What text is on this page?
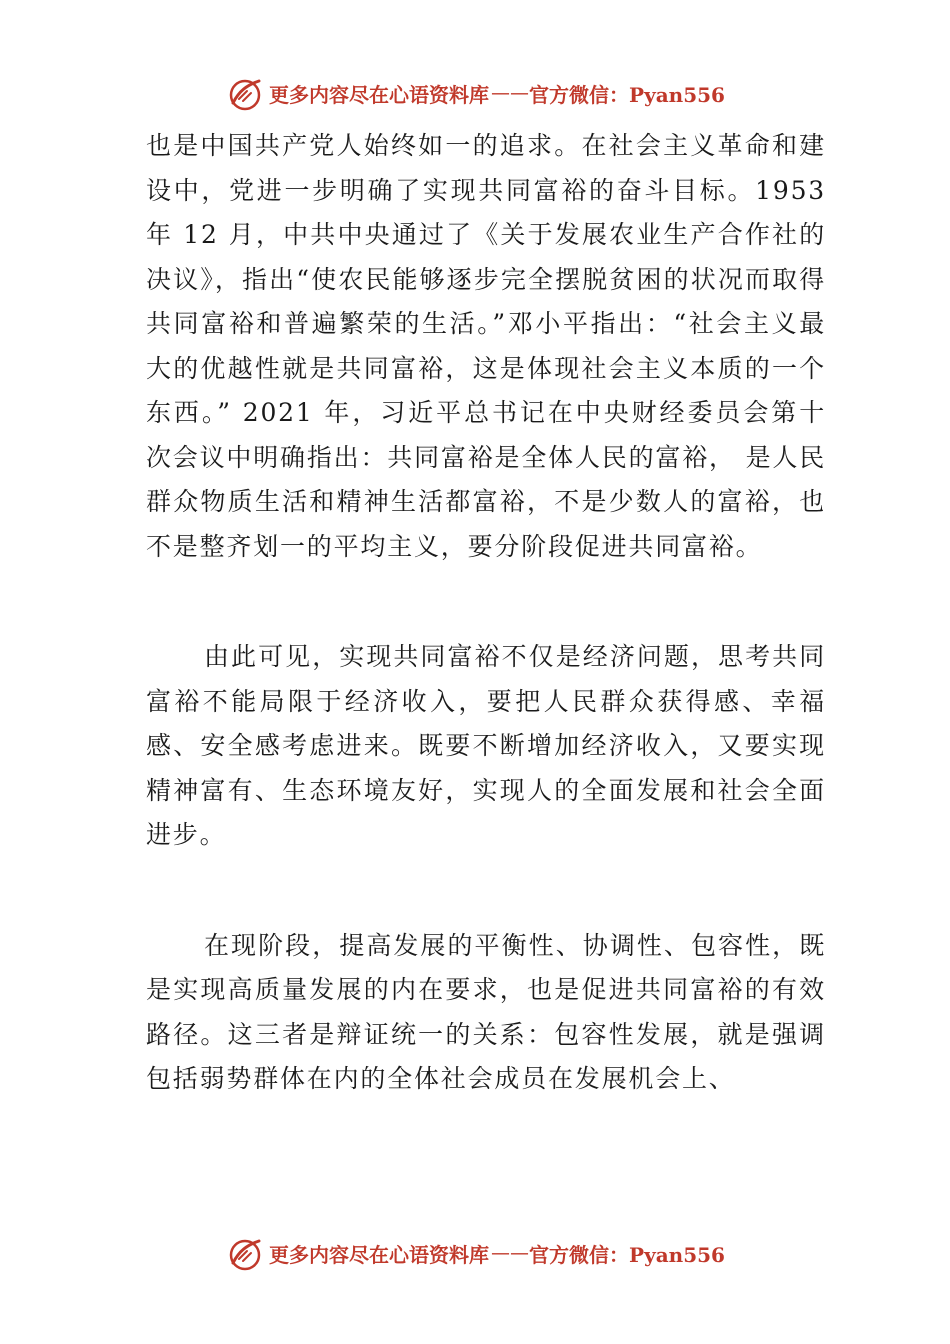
更多内容尽在心语资料库 —— 官方微信：Pyan556

也是中国共产党人始终如一的追求。在社会主义革命和建设中，党进一步明确了实现共同富裕的奋斗目标。1953 年 12 月，中共中央通过了《关于发展农业生产合作社的决议》，指出“使农民能够逐步完全摆脱贫困的状况而取得共同富裕和普遍繁荣的生活。”邓小平指出：“社会主义最大的优越性就是共同富裕，这是体现社会主义本质的一个东西。” 2021 年，习近平总书记在中央财经委员会第十次会议中明确指出：共同富裕是全体人民的富裕， 是人民群众物质生活和精神生活都富裕，不是少数人的富裕，也不是整齐划一的平均主义，要分阶段促进共同富裕。

由此可见，实现共同富裕不仅是经济问题，思考共同富裕不能局限于经济收入，要把人民群众获得感、幸福感、安全感考虑进来。既要不断增加经济收入，又要实现精神富有、生态环境友好，实现人的全面发展和社会全面进步。

在现阶段，提高发展的平衡性、协调性、包容性，既是实现高质量发展的内在要求，也是促进共同富裕的有效路径。这三者是辩证统一的关系：包容性发展，就是强调包括弱势群体在内的全体社会成员在发展机会上、

更多内容尽在心语资料库 —— 官方微信：Pyan556
